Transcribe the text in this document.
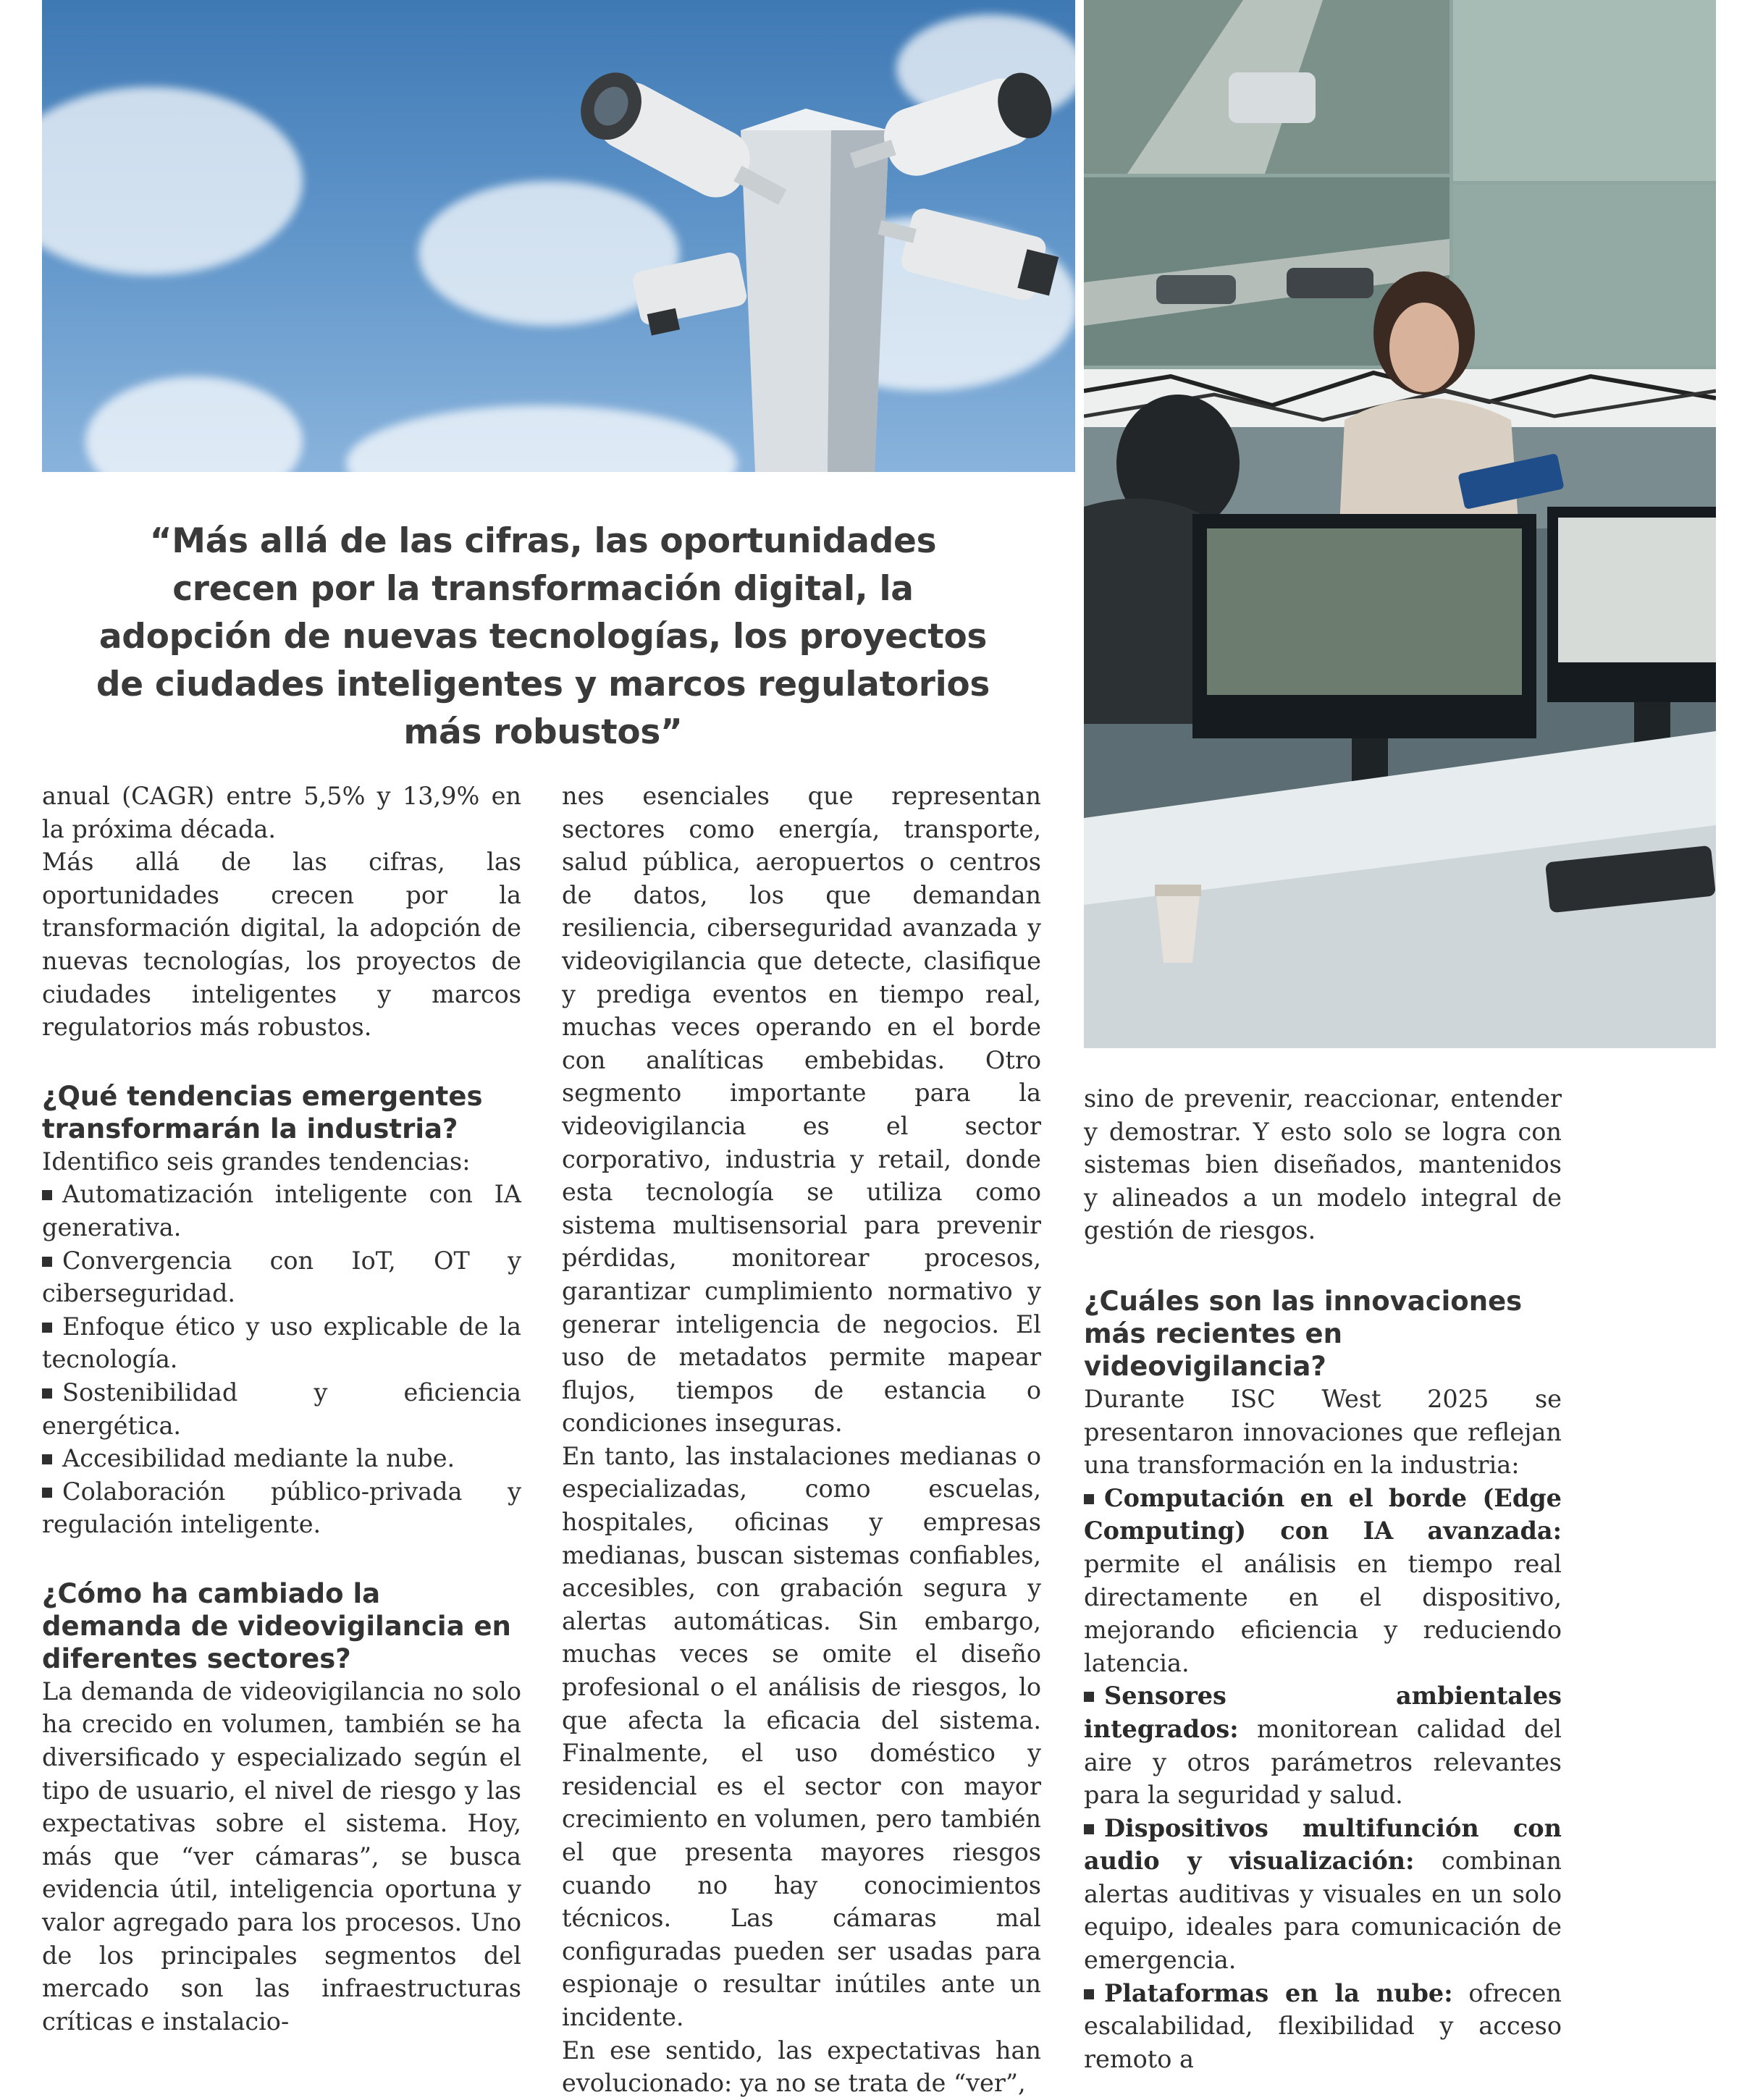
“Más allá de las cifras, las oportunidades crecen por la transformación digital, la adopción de nuevas tecnologías, los proyectos de ciudades inteligentes y marcos regulatorios más robustos”

anual (CAGR) entre 5,5% y 13,9% en la próxima década.

Más allá de las cifras, las oportunidades crecen por la transformación digital, la adopción de nuevas tecnologías, los proyectos de ciudades inteligentes y marcos regulatorios más robustos.

¿Qué tendencias emergentes transformarán la industria?

Identifico seis grandes tendencias:

Automatización inteligente con IA generativa.

Convergencia con IoT, OT y ciberseguridad.

Enfoque ético y uso explicable de la tecnología.

Sostenibilidad y eficiencia energética.

Accesibilidad mediante la nube.

Colaboración público-privada y regulación inteligente.

¿Cómo ha cambiado la demanda de videovigilancia en diferentes sectores?

La demanda de videovigilancia no solo ha crecido en volumen, también se ha diversificado y especializado según el tipo de usuario, el nivel de riesgo y las expectativas sobre el sistema. Hoy, más que “ver cámaras”, se busca evidencia útil, inteligencia oportuna y valor agregado para los procesos. Uno de los principales segmentos del mercado son las infraestructuras críticas e instalacio-

nes esenciales que representan sectores como energía, transporte, salud pública, aeropuertos o centros de datos, los que demandan resiliencia, ciberseguridad avanzada y videovigilancia que detecte, clasifique y prediga eventos en tiempo real, muchas veces operando en el borde con analíticas embebidas. Otro segmento importante para la videovigilancia es el sector corporativo, industria y retail, donde esta tecnología se utiliza como sistema multisensorial para prevenir pérdidas, monitorear procesos, garantizar cumplimiento normativo y generar inteligencia de negocios. El uso de metadatos permite mapear flujos, tiempos de estancia o condiciones inseguras.

En tanto, las instalaciones medianas o especializadas, como escuelas, hospitales, oficinas y empresas medianas, buscan sistemas confiables, accesibles, con grabación segura y alertas automáticas. Sin embargo, muchas veces se omite el diseño profesional o el análisis de riesgos, lo que afecta la eficacia del sistema. Finalmente, el uso doméstico y residencial es el sector con mayor crecimiento en volumen, pero también el que presenta mayores riesgos cuando no hay conocimientos técnicos. Las cámaras mal configuradas pueden ser usadas para espionaje o resultar inútiles ante un incidente.

En ese sentido, las expectativas han evolucionado: ya no se trata de “ver”,

sino de prevenir, reaccionar, entender y demostrar. Y esto solo se logra con sistemas bien diseñados, mantenidos y alineados a un modelo integral de gestión de riesgos.

¿Cuáles son las innovaciones más recientes en videovigilancia?

Durante ISC West 2025 se presentaron innovaciones que reflejan una transformación en la industria:

Computación en el borde (Edge Computing) con IA avanzada: permite el análisis en tiempo real directamente en el dispositivo, mejorando eficiencia y reduciendo latencia.

Sensores ambientales integrados: monitorean calidad del aire y otros parámetros relevantes para la seguridad y salud.

Dispositivos multifunción con audio y visualización: combinan alertas auditivas y visuales en un solo equipo, ideales para comunicación de emergencia.

Plataformas en la nube: ofrecen escalabilidad, flexibilidad y acceso remoto a
